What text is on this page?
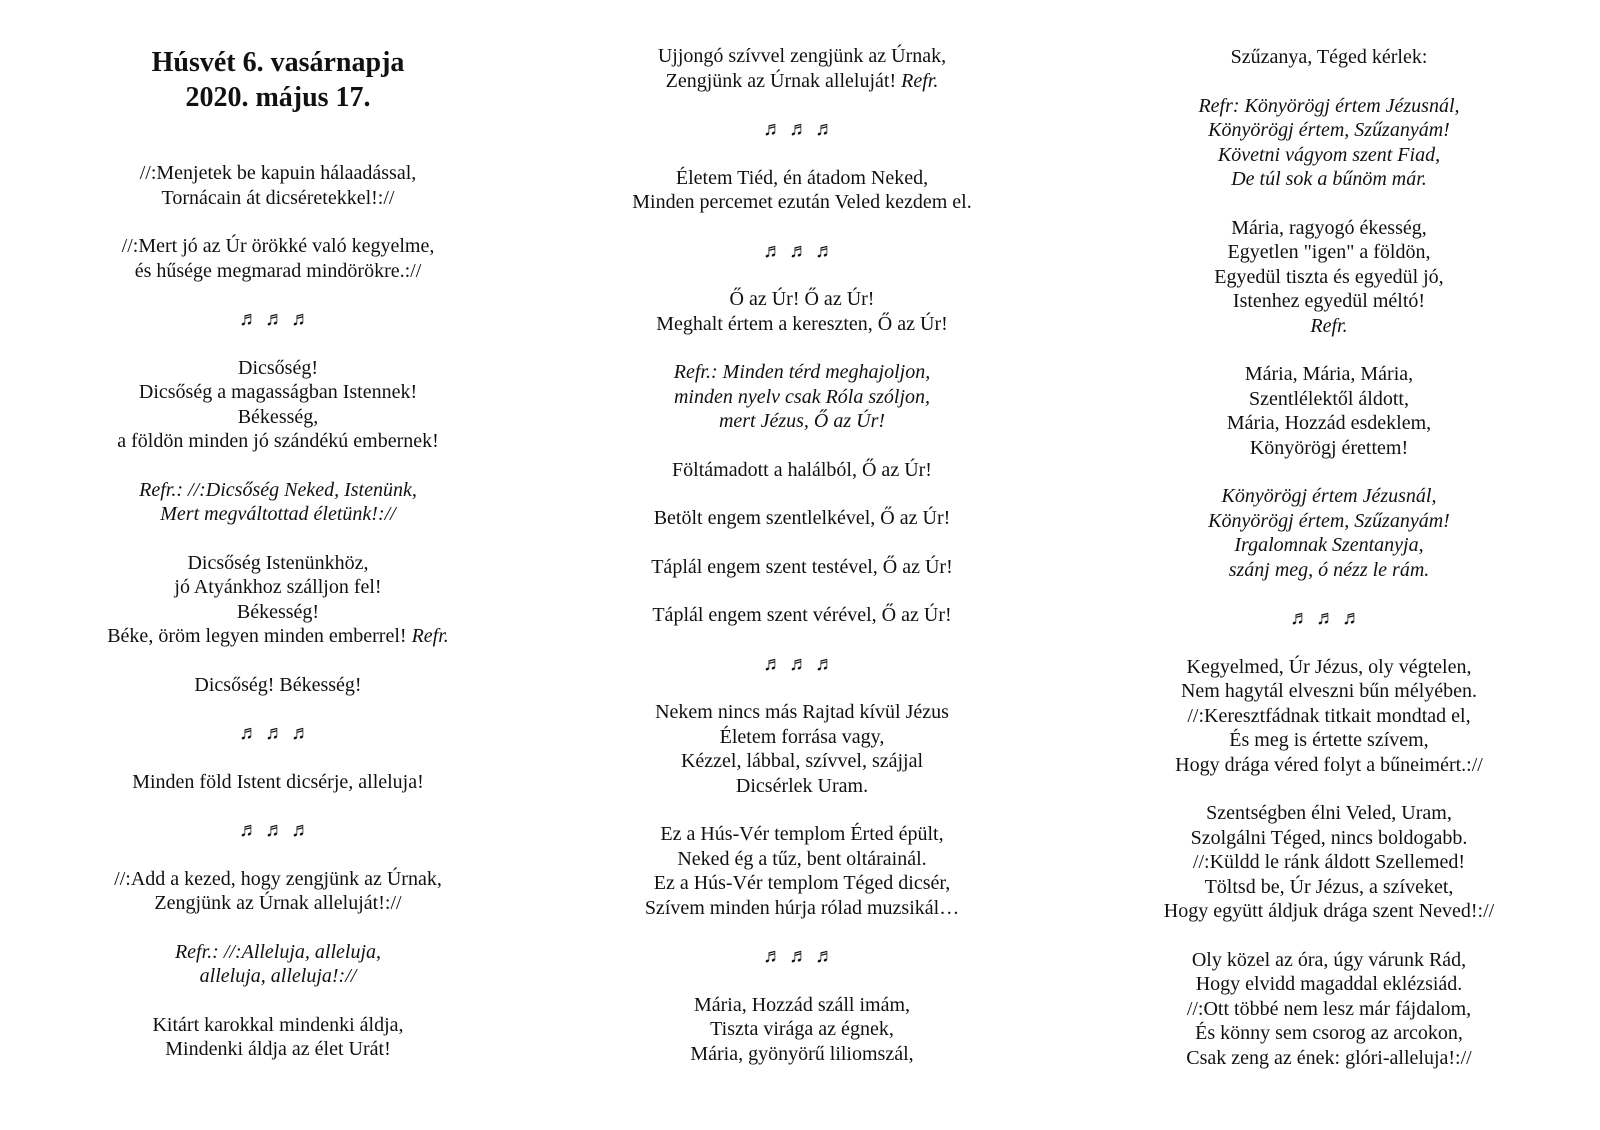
Húsvét 6. vasárnapja
2020. május 17.
//:Menjetek be kapuin hálaadással,
Tornácain át dicséretekkel!://
//:Mert jó az Úr örökké való kegyelme,
és hűsége megmarad mindörökre.://
♬♬♬
Dicsőség!
Dicsőség a magasságban Istennek!
Békesség,
a földön minden jó szándékú embernek!
Refr.: //:Dicsőség Neked, Istenünk,
Mert megváltottad életünk!://
Dicsőség Istenünkhöz,
jó Atyánkhoz szálljon fel!
Békesség!
Béke, öröm legyen minden emberrel! Refr.
Dicsőség! Békesség!
♬♬♬
Minden föld Istent dicsérje, alleluja!
♬♬♬
//:Add a kezed, hogy zengjünk az Úrnak,
Zengjünk az Úrnak alleluját!://
Refr.: //:Alleluja, alleluja,
alleluja, alleluja!://
Kitárt karokkal mindenki áldja,
Mindenki áldja az élet Urát!
Ujjongó szívvel zengjünk az Úrnak,
Zengjünk az Úrnak alleluját! Refr.
♬♬♬
Életem Tiéd, én átadom Neked,
Minden percemet ezután Veled kezdem el.
♬♬♬
Ő az Úr! Ő az Úr!
Meghalt értem a kereszten, Ő az Úr!
Refr.: Minden térd meghajoljon,
minden nyelv csak Róla szóljon,
mert Jézus, Ő az Úr!
Föltámadott a halálból, Ő az Úr!
Betölt engem szentlelkével, Ő az Úr!
Táplál engem szent testével, Ő az Úr!
Táplál engem szent vérével, Ő az Úr!
♬♬♬
Nekem nincs más Rajtad kívül Jézus
Életem forrása vagy,
Kézzel, lábbal, szívvel, szájjal
Dicsérlek Uram.
Ez a Hús-Vér templom Érted épült,
Neked ég a tűz, bent oltárainál.
Ez a Hús-Vér templom Téged dicsér,
Szívem minden húrja rólad muzsikál…
♬♬♬
Mária, Hozzád száll imám,
Tiszta virága az égnek,
Mária, gyönyörű liliomszál,
Szűzanya, Téged kérlek:
Refr: Könyörögj értem Jézusnál,
Könyörögj értem, Szűzanyám!
Követni vágyom szent Fiad,
De túl sok a bűnöm már.
Mária, ragyogó ékesség,
Egyetlen "igen" a földön,
Egyedül tiszta és egyedül jó,
Istenhez egyedül méltó!
Refr.
Mária, Mária, Mária,
Szentlélektől áldott,
Mária, Hozzád esdeklem,
Könyörögj érettem!
Könyörögj értem Jézusnál,
Könyörögj értem, Szűzanyám!
Irgalomnak Szentanyja,
szánj meg, ó nézz le rám.
♬♬♬
Kegyelmed, Úr Jézus, oly végtelen,
Nem hagytál elveszni bűn mélyében.
//:Keresztfádnak titkait mondtad el,
És meg is értette szívem,
Hogy drága véred folyt a bűneimért.://
Szentségben élni Veled, Uram,
Szolgálni Téged, nincs boldogabb.
//:Küldd le ránk áldott Szellemed!
Töltsd be, Úr Jézus, a szíveket,
Hogy együtt áldjuk drága szent Neved!://
Oly közel az óra, úgy várunk Rád,
Hogy elvidd magaddal eklézsiád.
//:Ott többé nem lesz már fájdalom,
És könny sem csorog az arcokon,
Csak zeng az ének: glóri-alleluja!://
